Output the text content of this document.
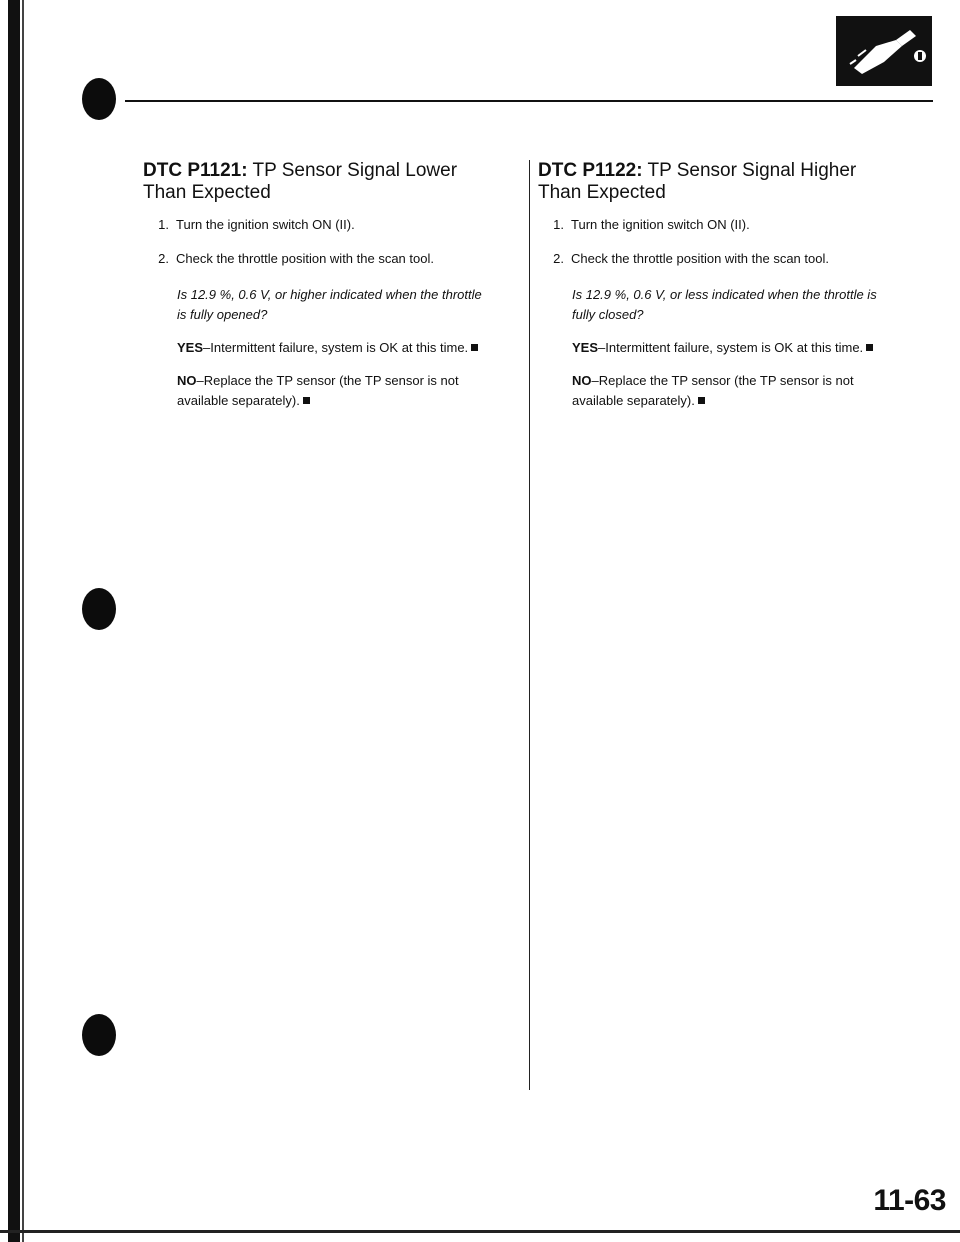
DTC P1121: TP Sensor Signal Lower Than Expected
1. Turn the ignition switch ON (II).
2. Check the throttle position with the scan tool.
Is 12.9 %, 0.6 V, or higher indicated when the throttle is fully opened?
YES–Intermittent failure, system is OK at this time.
NO–Replace the TP sensor (the TP sensor is not available separately).
DTC P1122: TP Sensor Signal Higher Than Expected
1. Turn the ignition switch ON (II).
2. Check the throttle position with the scan tool.
Is 12.9 %, 0.6 V, or less indicated when the throttle is fully closed?
YES–Intermittent failure, system is OK at this time.
NO–Replace the TP sensor (the TP sensor is not available separately).
11-63
